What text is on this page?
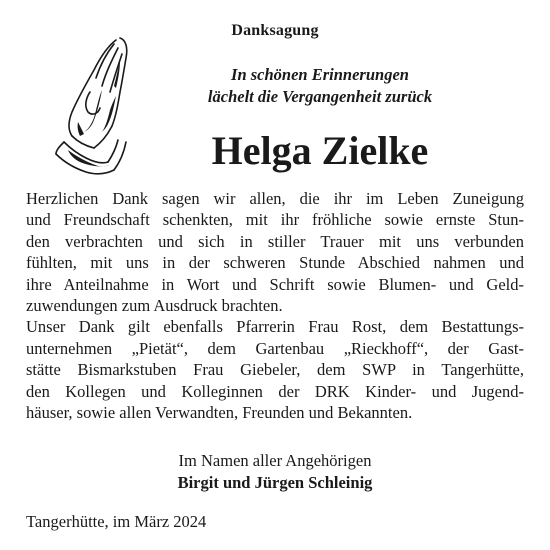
Danksagung
In schönen Erinnerungen
lächelt die Vergangenheit zurück
Helga Zielke
Herzlichen Dank sagen wir allen, die ihr im Leben Zuneigung
und Freundschaft schenkten, mit ihr fröhliche sowie ernste Stun-
den verbrachten und sich in stiller Trauer mit uns verbunden
fühlten, mit uns in der schweren Stunde Abschied nahmen und
ihre Anteilnahme in Wort und Schrift sowie Blumen- und Geld-
zuwendungen zum Ausdruck brachten.
Unser Dank gilt ebenfalls Pfarrerin Frau Rost, dem Bestattungs-
unternehmen „Pietät“, dem Gartenbau „Rieckhoff“, der Gast-
stätte Bismarkstuben Frau Giebeler, dem SWP in Tangerhütte,
den Kollegen und Kolleginnen der DRK Kinder- und Jugend-
häuser, sowie allen Verwandten, Freunden und Bekannten.
Im Namen aller Angehörigen
Birgit und Jürgen Schleinig
Tangerhütte, im März 2024
